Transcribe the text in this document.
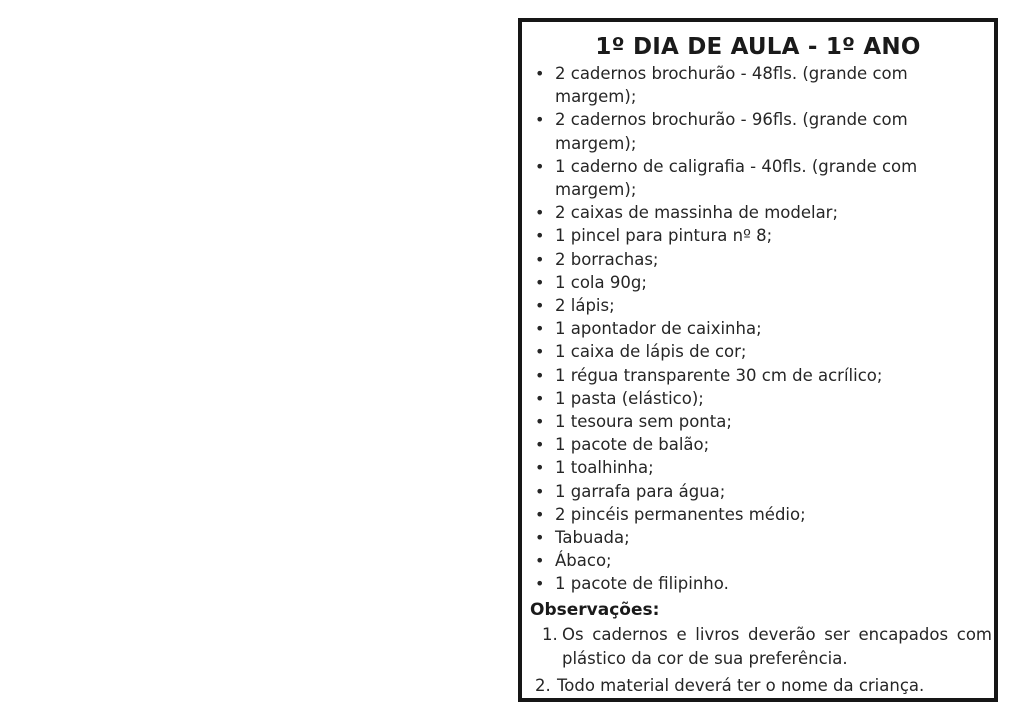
1º DIA DE AULA - 1º ANO
• 2 cadernos brochurão - 48fls. (grande com margem);
• 2 cadernos brochurão - 96fls. (grande com margem);
• 1 caderno de caligrafia - 40fls. (grande com margem);
• 2 caixas de massinha de modelar;
• 1 pincel para pintura nº 8;
• 2 borrachas;
• 1 cola 90g;
• 2 lápis;
• 1 apontador de caixinha;
• 1 caixa de lápis de cor;
• 1 régua transparente 30 cm de acrílico;
• 1 pasta (elástico);
• 1 tesoura sem ponta;
• 1 pacote de balão;
• 1 toalhinha;
• 1 garrafa para água;
• 2 pincéis permanentes médio;
• Tabuada;
• Ábaco;
• 1 pacote de filipinho.
Observações:
1. Os cadernos e livros deverão ser encapados com plástico da cor de sua preferência.
2. Todo material deverá ter o nome da criança.
